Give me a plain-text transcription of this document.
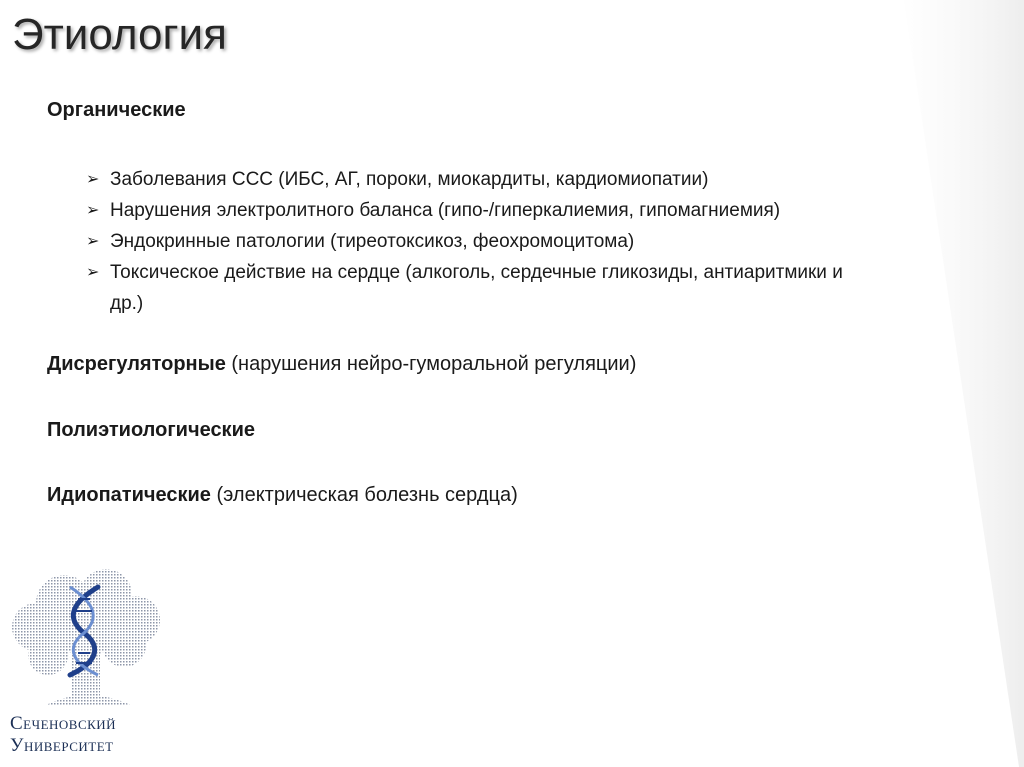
Этиология

Органические

➢ Заболевания ССС (ИБС, АГ, пороки, миокардиты, кардиомиопатии)
➢ Нарушения электролитного баланса (гипо-/гиперкалиемия, гипомагниемия)
➢ Эндокринные патологии (тиреотоксикоз, феохромоцитома)
➢ Токсическое действие на сердце (алкоголь, сердечные гликозиды, антиаритмики и др.)

Дисрегуляторные (нарушения нейро-гуморальной регуляции)

Полиэтиологические

Идиопатические (электрическая болезнь сердца)

Сеченовский
Университет
